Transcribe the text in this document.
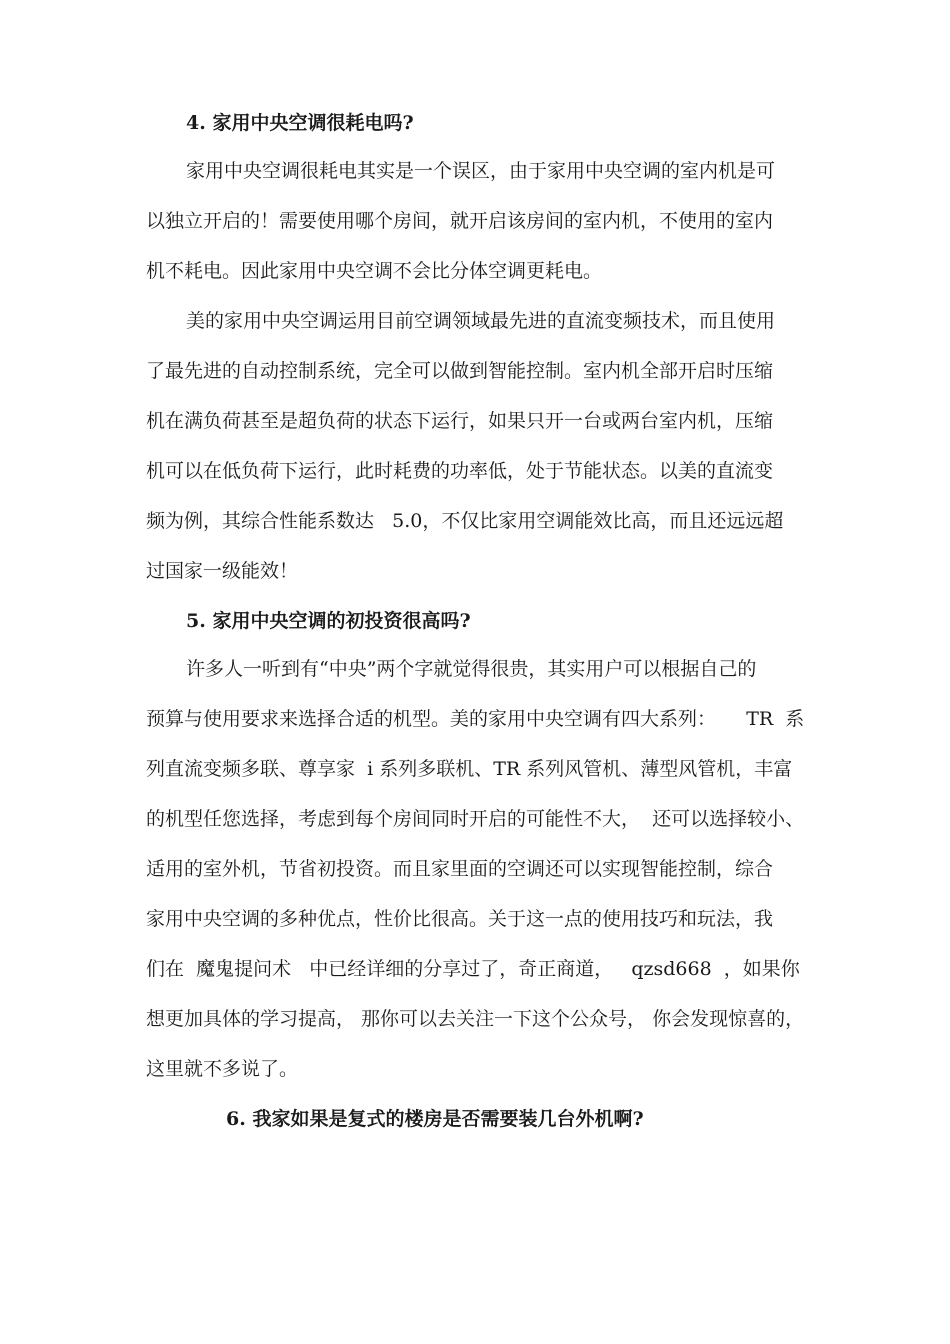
4. 家用中央空调很耗电吗?

家用中央空调很耗电其实是一个误区，由于家用中央空调的室内机是可

以独立开启的！需要使用哪个房间，就开启该房间的室内机，不使用的室内

机不耗电。因此家用中央空调不会比分体空调更耗电。

美的家用中央空调运用目前空调领域最先进的直流变频技术，而且使用

了最先进的自动控制系统，完全可以做到智能控制。室内机全部开启时压缩

机在满负荷甚至是超负荷的状态下运行，如果只开一台或两台室内机，压缩

机可以在低负荷下运行，此时耗费的功率低，处于节能状态。以美的直流变

频为例，其综合性能系数达   5.0，不仅比家用空调能效比高，而且还远远超

过国家一级能效！

5. 家用中央空调的初投资很高吗?

许多人一听到有“中央”两个字就觉得很贵，其实用户可以根据自己的

预算与使用要求来选择合适的机型。美的家用中央空调有四大系列：     TR  系

列直流变频多联、尊享家  i 系列多联机、TR 系列风管机、薄型风管机，丰富

的机型任您选择，考虑到每个房间同时开启的可能性不大，  还可以选择较小、

适用的室外机，节省初投资。而且家里面的空调还可以实现智能控制，综合

家用中央空调的多种优点，性价比很高。关于这一点的使用技巧和玩法，我

们在  魔鬼提问术   中已经详细的分享过了，奇正商道，   qzsd668  ，如果你

想更加具体的学习提高， 那你可以去关注一下这个公众号， 你会发现惊喜的，

这里就不多说了。

6. 我家如果是复式的楼房是否需要装几台外机啊?
